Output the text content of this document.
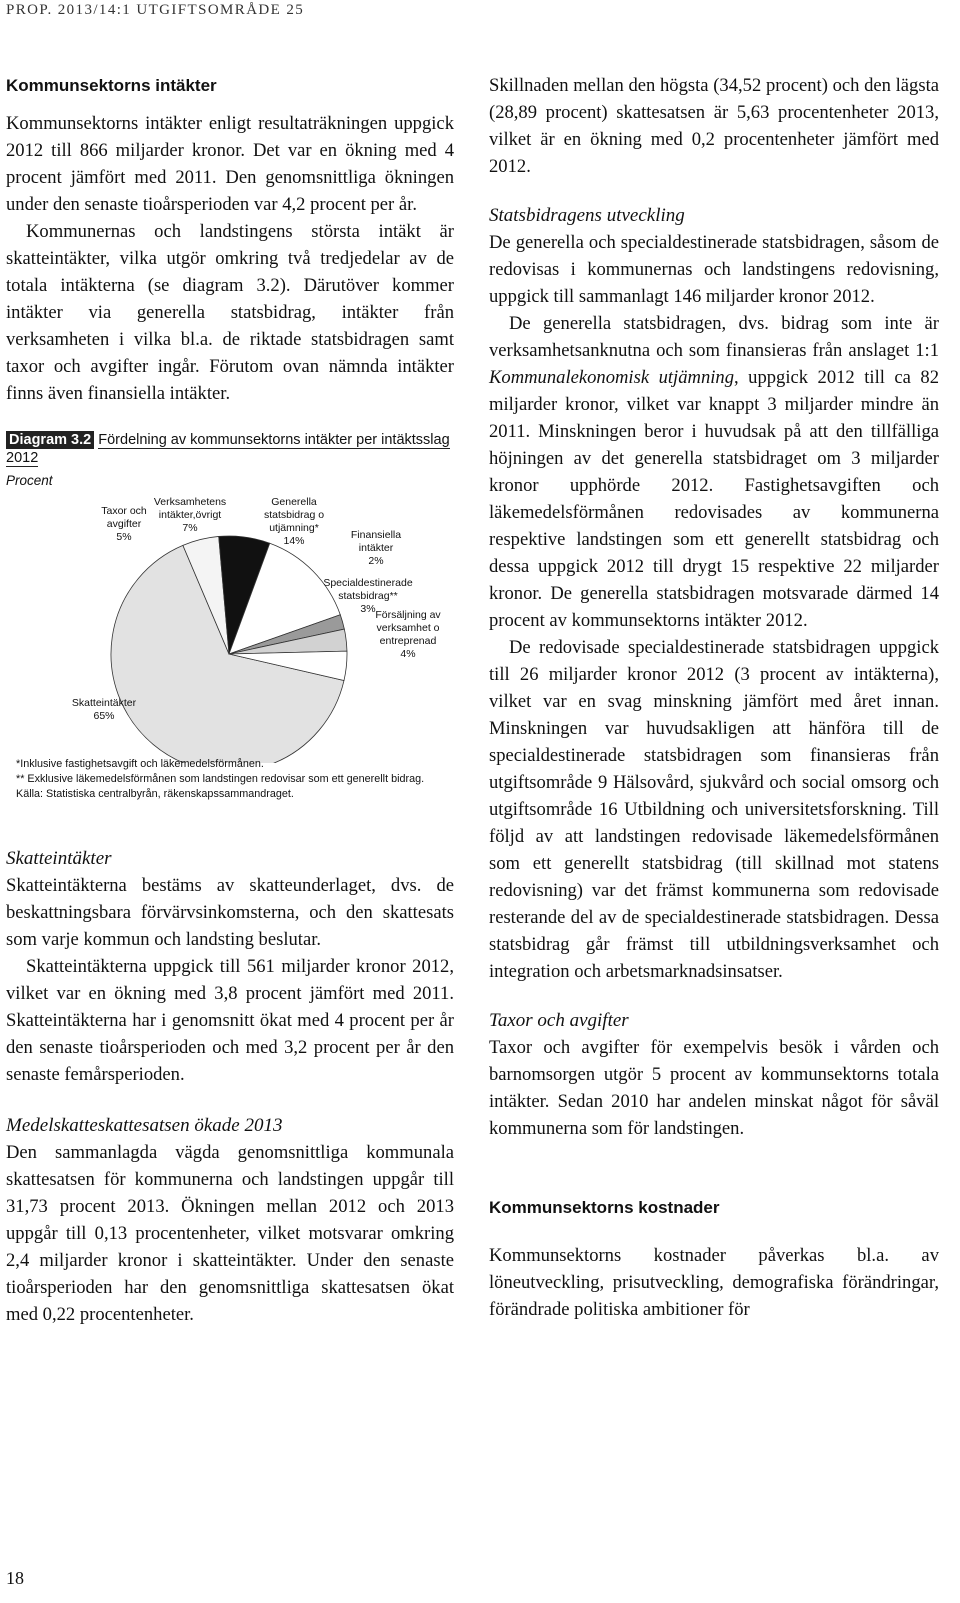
PROP. 2013/14:1 UTGIFTSOMRÅDE 25
Kommunsektorns intäkter

Kommunsektorns intäkter enligt resultaträkningen uppgick 2012 till 866 miljarder kronor. Det var en ökning med 4 procent jämfört med 2011. Den genomsnittliga ökningen under den senaste tioårsperioden var 4,2 procent per år.

Kommunernas och landstingens största intäkt är skatteintäkter, vilka utgör omkring två tredjedelar av de totala intäkterna (se diagram 3.2). Därutöver kommer intäkter via generella statsbidrag, intäkter från verksamheten i vilka bl.a. de riktade statsbidragen samt taxor och avgifter ingår. Förutom ovan nämnda intäkter finns även finansiella intäkter.

Diagram 3.2 Fördelning av kommunsektorns intäkter per intäktsslag 2012

Procent
Skatteintäkter 65%
Taxor och avgifter 5%
Verksamhetens intäkter,övrigt 7%
Generella statsbidrag o utjämning* 14%	Finansiella intäkter 2%
Specialdestinerade statsbidrag** 3% Försäljning av verksamhet o entreprenad 4%

*Inklusive fastighetsavgift och läkemedelsförmånen.

** Exklusive läkemedelsförmånen som landstingen redovisar som ett generellt bidrag.

Källa: Statistiska centralbyrån, räkenskapssammandraget.

Skatteintäkter

Skatteintäkterna bestäms av skatteunderlaget, dvs. de beskattningsbara förvärvsinkomsterna, och den skattesats som varje kommun och landsting beslutar.

Skatteintäkterna uppgick till 561 miljarder kronor 2012, vilket var en ökning med 3,8 procent jämfört med 2011. Skatteintäkterna har i genomsnitt ökat med 4 procent per år den senaste tioårsperioden och med 3,2 procent per år den senaste femårsperioden.

Medelskatteskattesatsen ökade 2013

Den sammanlagda vägda genomsnittliga kommunala skattesatsen för kommunerna och landstingen uppgår till 31,73 procent 2013. Ökningen mellan 2012 och 2013 uppgår till 0,13 procentenheter, vilket motsvarar omkring 2,4 miljarder kronor i skatteintäkter. Under den senaste tioårsperioden har den genomsnittliga skattesatsen ökat med 0,22 procentenheter.

Skillnaden mellan den högsta (34,52 procent) och den lägsta (28,89 procent) skattesatsen är 5,63 procentenheter 2013, vilket är en ökning med 0,2 procentenheter jämfört med 2012.

Statsbidragens utveckling

De generella och specialdestinerade statsbidragen, såsom de redovisas i kommunernas och landstingens redovisning, uppgick till sammanlagt 146 miljarder kronor 2012.

De generella statsbidragen, dvs. bidrag som inte är verksamhetsanknutna och som finansieras från anslaget 1:1 Kommunalekonomisk utjämning, uppgick 2012 till ca 82 miljarder kronor, vilket var knappt 3 miljarder mindre än 2011. Minskningen beror i huvudsak på att den tillfälliga höjningen av det generella statsbidraget om 3 miljarder kronor upphörde 2012. Fastighetsavgiften och läkemedelsförmånen redovisades av kommunerna respektive landstingen som ett generellt statsbidrag och dessa uppgick 2012 till drygt 15 respektive 22 miljarder kronor. De generella statsbidragen motsvarade därmed 14 procent av kommunsektorns intäkter 2012.

De redovisade specialdestinerade statsbidragen uppgick till 26 miljarder kronor 2012 (3 procent av intäkterna), vilket var en svag minskning jämfört med året innan. Minskningen var huvudsakligen att hänföra till de specialdestinerade statsbidragen som finansieras från utgiftsområde 9 Hälsovård, sjukvård och social omsorg och utgiftsområde 16 Utbildning och universitetsforskning. Till följd av att landstingen redovisade läkemedelsförmånen som ett generellt statsbidrag (till skillnad mot statens redovisning) var det främst kommunerna som redovisade resterande del av de specialdestinerade statsbidragen. Dessa statsbidrag går främst till utbildningsverksamhet och integration och arbetsmarknadsinsatser.

Taxor och avgifter

Taxor och avgifter för exempelvis besök i vården och barnomsorgen utgör 5 procent av kommunsektorns totala intäkter. Sedan 2010 har andelen minskat något för såväl kommunerna som för landstingen.

Kommunsektorns kostnader

Kommunsektorns kostnader påverkas bl.a. av löneutveckling, prisutveckling, demografiska förändringar, förändrade politiska ambitioner för

18
